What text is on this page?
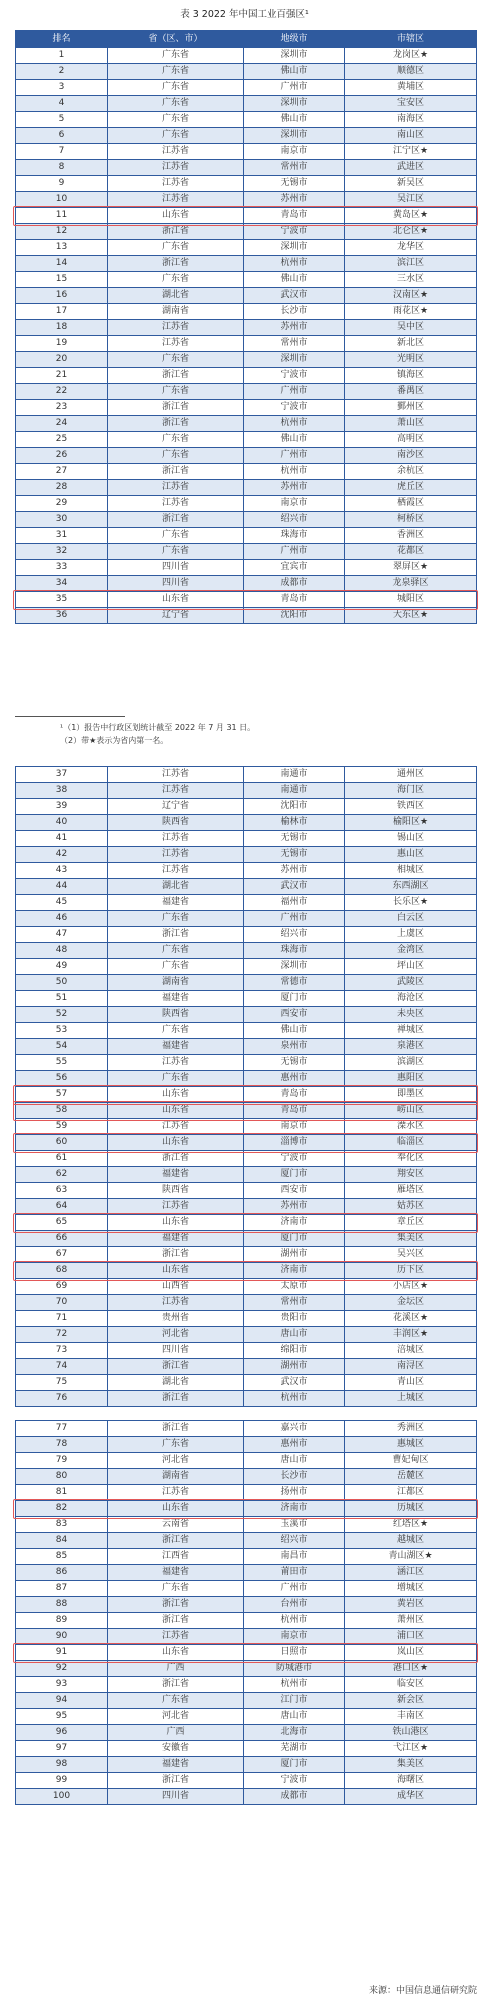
表 3 2022 年中国工业百强区¹
排名	省（区、市）	地级市	市辖区
1	广东省	深圳市	龙岗区★
2	广东省	佛山市	顺德区
3	广东省	广州市	黄埔区
4	广东省	深圳市	宝安区
5	广东省	佛山市	南海区
6	广东省	深圳市	南山区
7	江苏省	南京市	江宁区★
8	江苏省	常州市	武进区
9	江苏省	无锡市	新吴区
10	江苏省	苏州市	吴江区
11	山东省	青岛市	黄岛区★
12	浙江省	宁波市	北仑区★
13	广东省	深圳市	龙华区
14	浙江省	杭州市	滨江区
15	广东省	佛山市	三水区
16	湖北省	武汉市	汉南区★
17	湖南省	长沙市	雨花区★
18	江苏省	苏州市	吴中区
19	江苏省	常州市	新北区
20	广东省	深圳市	光明区
21	浙江省	宁波市	镇海区
22	广东省	广州市	番禺区
23	浙江省	宁波市	鄞州区
24	浙江省	杭州市	萧山区
25	广东省	佛山市	高明区
26	广东省	广州市	南沙区
27	浙江省	杭州市	余杭区
28	江苏省	苏州市	虎丘区
29	江苏省	南京市	栖霞区
30	浙江省	绍兴市	柯桥区
31	广东省	珠海市	香洲区
32	广东省	广州市	花都区
33	四川省	宜宾市	翠屏区★
34	四川省	成都市	龙泉驿区
35	山东省	青岛市	城阳区
36	辽宁省	沈阳市	大东区★
¹（1）报告中行政区划统计截至 2022 年 7 月 31 日。
（2）带★表示为省内第一名。
37	江苏省	南通市	通州区
38	江苏省	南通市	海门区
39	辽宁省	沈阳市	铁西区
40	陕西省	榆林市	榆阳区★
41	江苏省	无锡市	锡山区
42	江苏省	无锡市	惠山区
43	江苏省	苏州市	相城区
44	湖北省	武汉市	东西湖区
45	福建省	福州市	长乐区★
46	广东省	广州市	白云区
47	浙江省	绍兴市	上虞区
48	广东省	珠海市	金湾区
49	广东省	深圳市	坪山区
50	湖南省	常德市	武陵区
51	福建省	厦门市	海沧区
52	陕西省	西安市	未央区
53	广东省	佛山市	禅城区
54	福建省	泉州市	泉港区
55	江苏省	无锡市	滨湖区
56	广东省	惠州市	惠阳区
57	山东省	青岛市	即墨区
58	山东省	青岛市	崂山区
59	江苏省	南京市	溧水区
60	山东省	淄博市	临淄区
61	浙江省	宁波市	奉化区
62	福建省	厦门市	翔安区
63	陕西省	西安市	雁塔区
64	江苏省	苏州市	姑苏区
65	山东省	济南市	章丘区
66	福建省	厦门市	集美区
67	浙江省	湖州市	吴兴区
68	山东省	济南市	历下区
69	山西省	太原市	小店区★
70	江苏省	常州市	金坛区
71	贵州省	贵阳市	花溪区★
72	河北省	唐山市	丰润区★
73	四川省	绵阳市	涪城区
74	浙江省	湖州市	南浔区
75	湖北省	武汉市	青山区
76	浙江省	杭州市	上城区
77	浙江省	嘉兴市	秀洲区
78	广东省	惠州市	惠城区
79	河北省	唐山市	曹妃甸区
80	湖南省	长沙市	岳麓区
81	江苏省	扬州市	江都区
82	山东省	济南市	历城区
83	云南省	玉溪市	红塔区★
84	浙江省	绍兴市	越城区
85	江西省	南昌市	青山湖区★
86	福建省	莆田市	涵江区
87	广东省	广州市	增城区
88	浙江省	台州市	黄岩区
89	浙江省	杭州市	萧州区
90	江苏省	南京市	浦口区
91	山东省	日照市	岚山区
92	广西	防城港市	港口区★
93	浙江省	杭州市	临安区
94	广东省	江门市	新会区
95	河北省	唐山市	丰南区
96	广西	北海市	铁山港区
97	安徽省	芜湖市	弋江区★
98	福建省	厦门市	集美区
99	浙江省	宁波市	海曙区
100	四川省	成都市	成华区
来源：中国信息通信研究院
